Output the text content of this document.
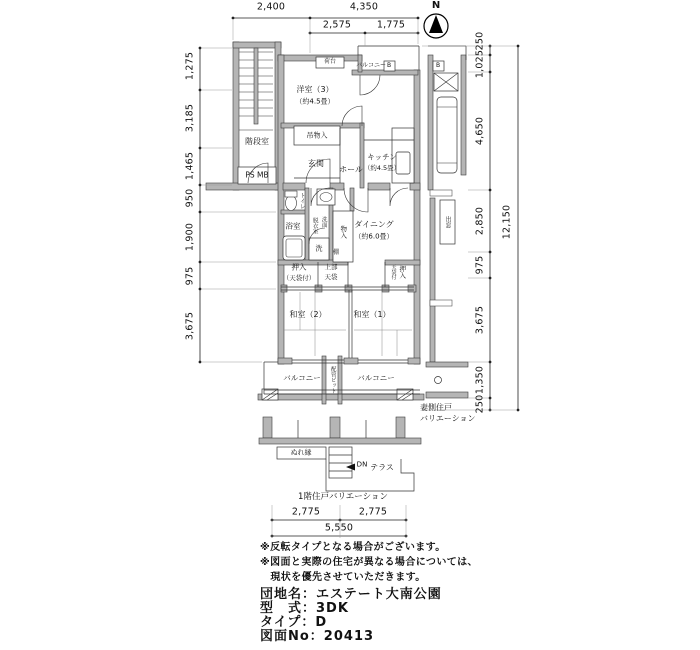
2,400	4,350
2,575	1,775
1,275
3,185
1,465
950
1,900
975
3,675
250
1,025
4,650
2,850
975
3,675
1,350
250
12,150
2,775	2,775
5,550
N
階段室
PS MB
洋室（3）
（約4.5畳）
荷台
バルコニー B	B
吊物入
玄関
ホール
キッチン
（約4.5畳）
トイレ
浴室	洗面
脱衣室
洗
物入
棚
ダイニング
（約6.0畳）
押入
（天袋付）
上部
天袋	押入
天袋付
和室（2）	和室（1）
バルコニー	バルコニー
配管ピット
出窓
妻側住戸
バリエーション
ぬれ縁
DN テラス
1階住戸バリエーション
※反転タイプとなる場合がございます。
※図面と実際の住宅が異なる場合については、
　現状を優先させていただきます。
団地名：エステート大南公園
型　式：3DK
タイプ：D
図面No：20413
